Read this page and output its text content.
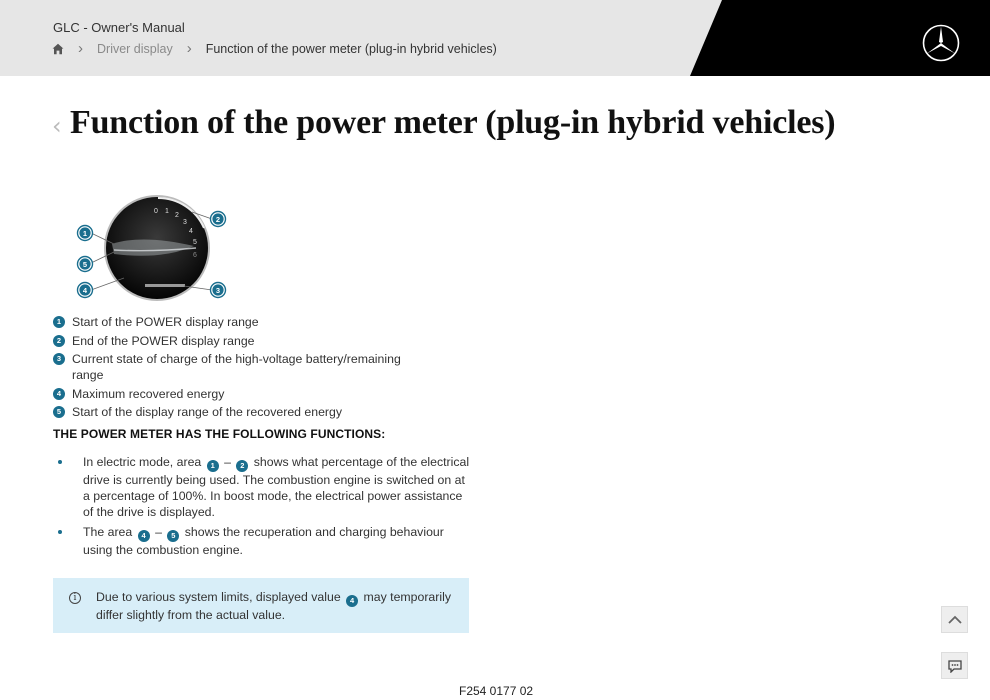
GLC - Owner's Manual
› Driver display › Function of the power meter (plug-in hybrid vehicles)
‹ Function of the power meter (plug-in hybrid vehicles)
0 1
2
3
4
5
6
1
5
4
2
3
1 Start of the POWER display range
2 End of the POWER display range
3 Current state of charge of the high-voltage battery/remaining range
4 Maximum recovered energy
5 Start of the display range of the recovered energy
THE POWER METER HAS THE FOLLOWING FUNCTIONS:
In electric mode, area 1 – 2 shows what percentage of the electrical drive is currently being used. The combustion engine is switched on at a percentage of 100%. In boost mode, the electrical power assistance of the drive is displayed.
The area 4 – 5 shows the recuperation and charging behaviour using the combustion engine.
i	Due to various system limits, displayed value 4 may temporarily differ slightly from the actual value.
F254 0177 02
